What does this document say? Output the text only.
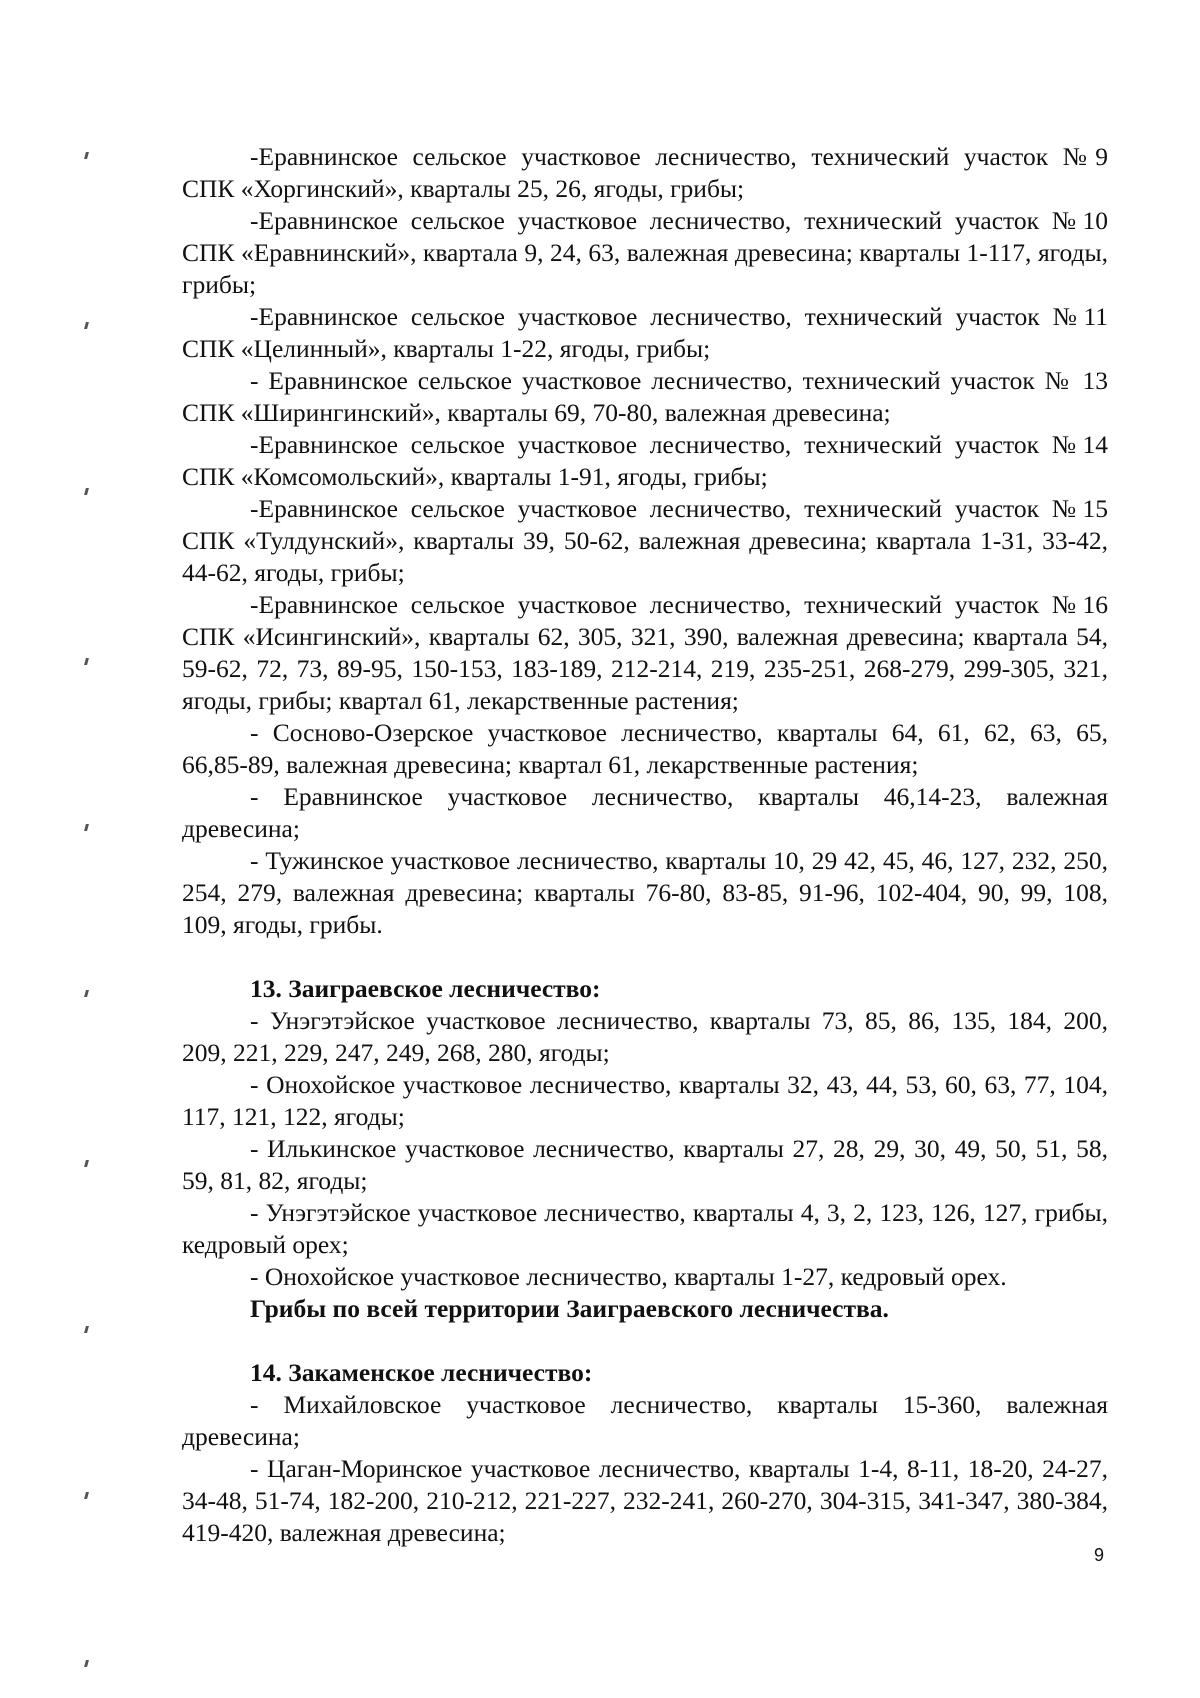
-Еравнинское сельское участковое лесничество, технический участок №9 СПК «Хоргинский», кварталы 25, 26, ягоды, грибы;

-Еравнинское сельское участковое лесничество, технический участок №10 СПК «Еравнинский», квартала 9, 24, 63, валежная древесина; кварталы 1-117, ягоды, грибы;

-Еравнинское сельское участковое лесничество, технический участок №11 СПК «Целинный», кварталы 1-22, ягоды, грибы;

- Еравнинское сельское участковое лесничество, технический участок № 13 СПК «Ширингинский», кварталы 69, 70-80, валежная древесина;

-Еравнинское сельское участковое лесничество, технический участок №14 СПК «Комсомольский», кварталы 1-91, ягоды, грибы;

-Еравнинское сельское участковое лесничество, технический участок №15 СПК «Тулдунский», кварталы 39, 50-62, валежная древесина; квартала 1-31, 33-42, 44-62, ягоды, грибы;

-Еравнинское сельское участковое лесничество, технический участок №16 СПК «Исингинский», кварталы 62, 305, 321, 390, валежная древесина; квартала 54, 59-62, 72, 73, 89-95, 150-153, 183-189, 212-214, 219, 235-251, 268-279, 299-305, 321, ягоды, грибы; квартал 61, лекарственные растения;

- Сосново-Озерское участковое лесничество, кварталы 64, 61, 62, 63, 65, 66,85-89, валежная древесина; квартал 61, лекарственные растения;

- Еравнинское участковое лесничество, кварталы 46,14-23, валежная древесина;

- Тужинское участковое лесничество, кварталы 10, 29 42, 45, 46, 127, 232, 250, 254, 279, валежная древесина; кварталы 76-80, 83-85, 91-96, 102-404, 90, 99, 108, 109, ягоды, грибы.

13. Заиграевское лесничество:

- Унэгэтэйское участковое лесничество, кварталы 73, 85, 86, 135, 184, 200, 209, 221, 229, 247, 249, 268, 280, ягоды;

- Онохойское участковое лесничество, кварталы 32, 43, 44, 53, 60, 63, 77, 104, 117, 121, 122, ягоды;

- Илькинское участковое лесничество, кварталы 27, 28, 29, 30, 49, 50, 51, 58, 59, 81, 82, ягоды;

- Унэгэтэйское участковое лесничество, кварталы 4, 3, 2, 123, 126, 127, грибы, кедровый орех;

- Онохойское участковое лесничество, кварталы 1-27, кедровый орех.

Грибы по всей территории Заиграевского лесничества.

14. Закаменское лесничество:

- Михайловское участковое лесничество, кварталы 15-360, валежная древесина;

- Цаган-Моринское участковое лесничество, кварталы 1-4, 8-11, 18-20, 24-27, 34-48, 51-74, 182-200, 210-212, 221-227, 232-241, 260-270, 304-315, 341-347, 380-384, 419-420, валежная древесина;

9
